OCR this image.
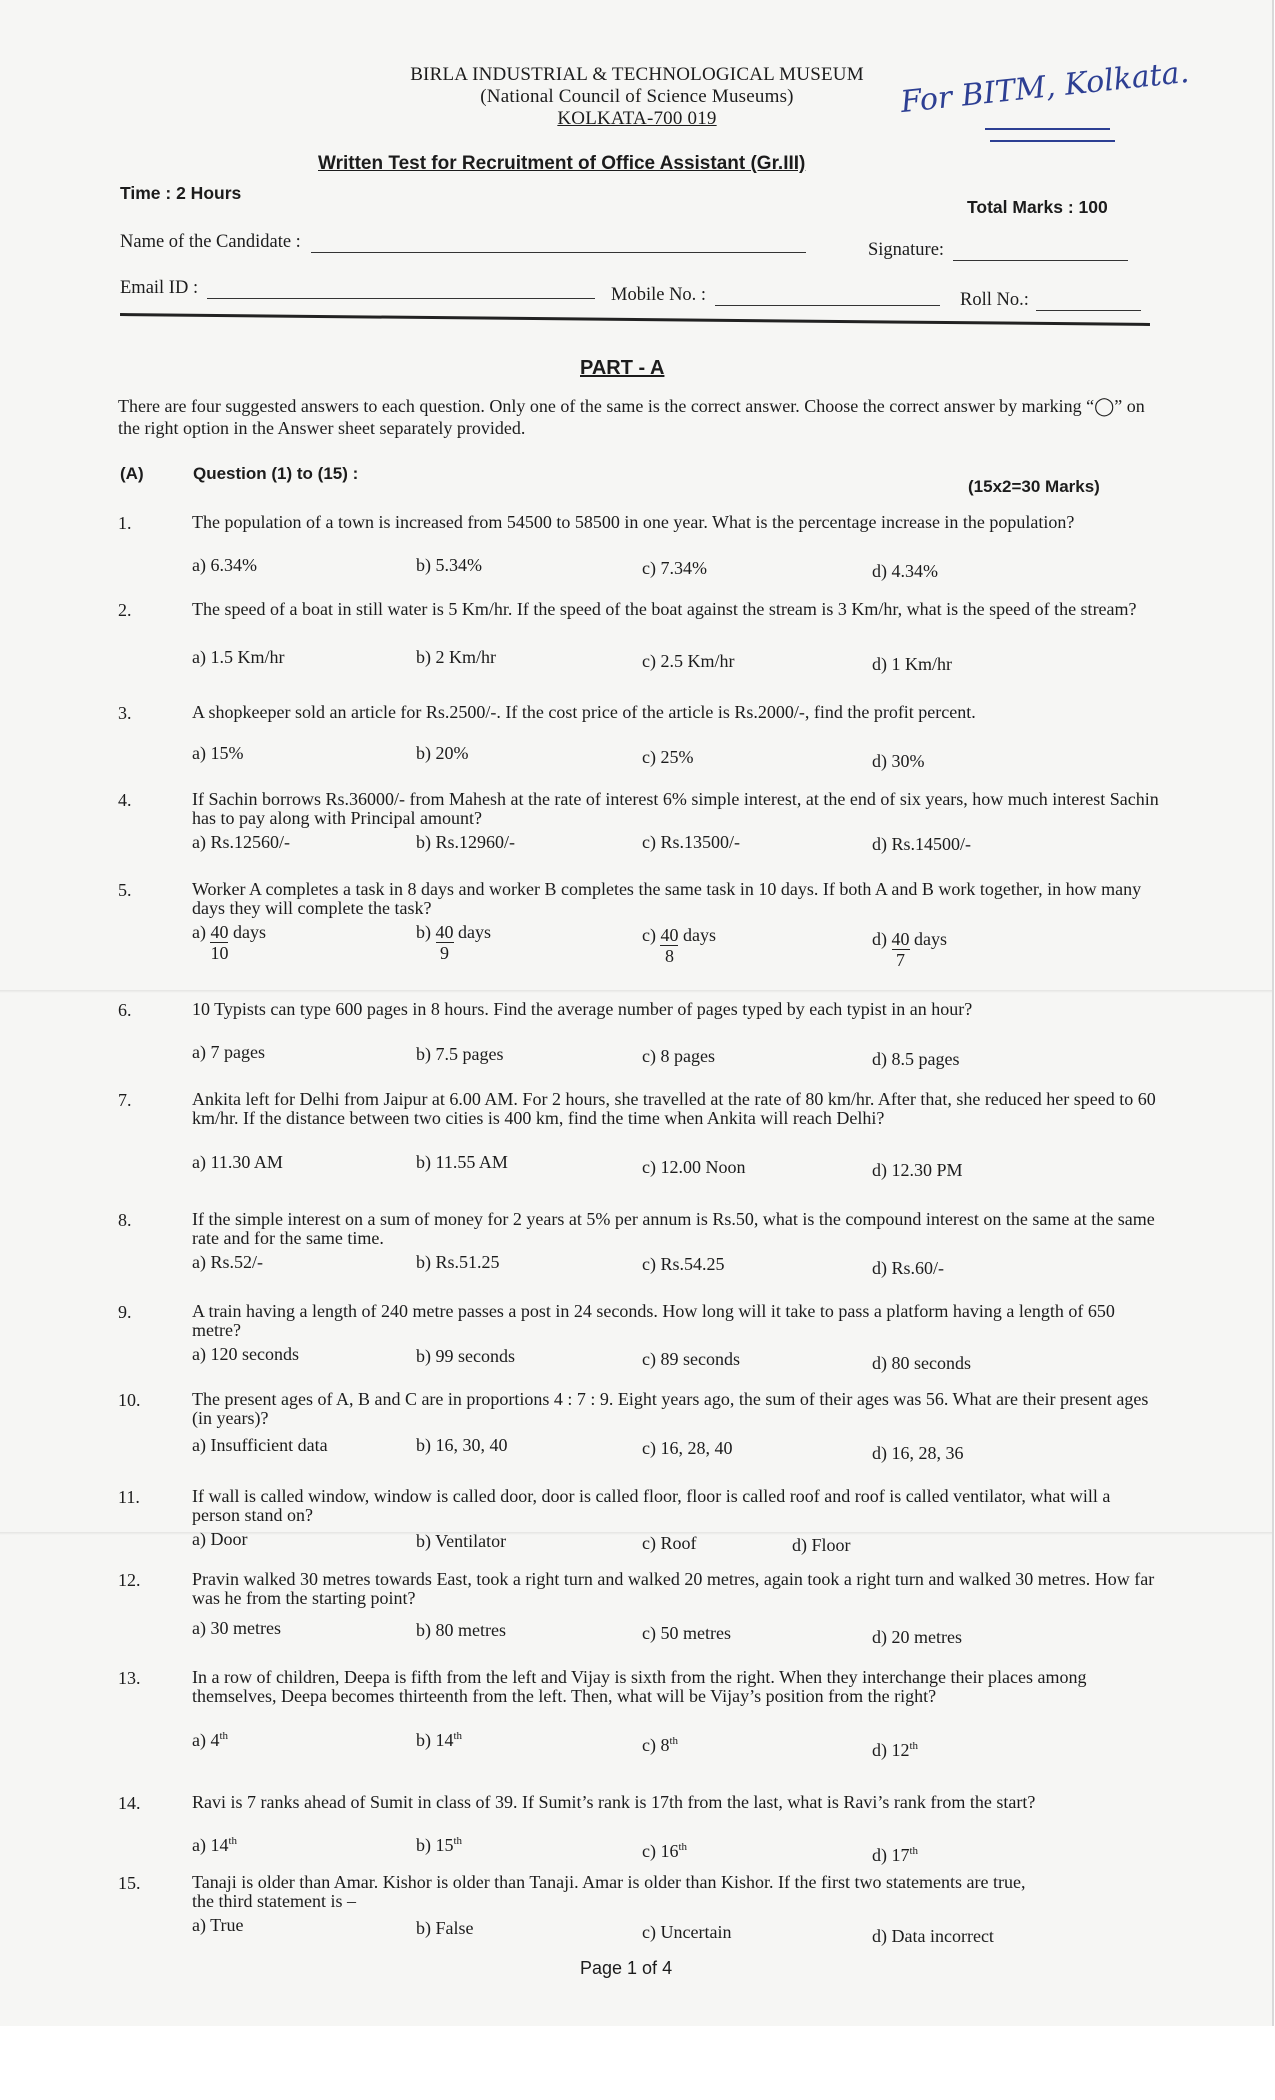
BIRLA INDUSTRIAL & TECHNOLOGICAL MUSEUM
(National Council of Science Museums)
KOLKATA-700 019	For BITM, Kolkata.
Written Test for Recruitment of Office Assistant (Gr.III)
Time : 2 Hours
Total Marks : 100
Name of the Candidate :	Signature:
Email ID :	Mobile No. :	Roll No.:
PART - A
There are four suggested answers to each question. Only one of the same is the correct answer. Choose the correct answer by marking “◯” on the right option in the Answer sheet separately provided.
(A)	Question (1) to (15) :
(15x2=30 Marks)
1.	The population of a town is increased from 54500 to 58500 in one year. What is the percentage increase in the population?
a) 6.34%	b) 5.34%	c) 7.34%	d) 4.34%
2.	The speed of a boat in still water is 5 Km/hr. If the speed of the boat against the stream is 3 Km/hr, what is the speed of the stream?
a) 1.5 Km/hr	b) 2 Km/hr	c) 2.5 Km/hr	d) 1 Km/hr
3.	A shopkeeper sold an article for Rs.2500/-. If the cost price of the article is Rs.2000/-, find the profit percent.
a) 15%	b) 20%	c) 25%	d) 30%
4.	If Sachin borrows Rs.36000/- from Mahesh at the rate of interest 6% simple interest, at the end of six years, how much interest Sachin has to pay along with Principal amount?
a) Rs.12560/-	b) Rs.12960/-	c) Rs.13500/-	d) Rs.14500/-
5.	Worker A completes a task in 8 days and worker B completes the same task in 10 days. If both A and B work together, in how many days they will complete the task?
$a) \frac{40}{10}$ days	$b) \frac{40}{9}$ days	$c) \frac{40}{8}$ days	$d) \frac{40}{7}$ days
6.	10 Typists can type 600 pages in 8 hours. Find the average number of pages typed by each typist in an hour?
a) 7 pages	b) 7.5 pages	c) 8 pages	d) 8.5 pages
7.	Ankita left for Delhi from Jaipur at 6.00 AM. For 2 hours, she travelled at the rate of 80 km/hr. After that, she reduced her speed to 60 km/hr. If the distance between two cities is 400 km, find the time when Ankita will reach Delhi?
a) 11.30 AM	b) 11.55 AM	c) 12.00 Noon	d) 12.30 PM
8.	If the simple interest on a sum of money for 2 years at 5% per annum is Rs.50, what is the compound interest on the same at the same rate and for the same time.
a) Rs.52/-	b) Rs.51.25	c) Rs.54.25	d) Rs.60/-
9.	A train having a length of 240 metre passes a post in 24 seconds. How long will it take to pass a platform having a length of 650 metre?
a) 120 seconds	b) 99 seconds	c) 89 seconds	d) 80 seconds
10.	The present ages of A, B and C are in proportions 4 : 7 : 9. Eight years ago, the sum of their ages was 56. What are their present ages (in years)?
a) Insufficient data	b) 16, 30, 40	c) 16, 28, 40	d) 16, 28, 36
11.	If wall is called window, window is called door, door is called floor, floor is called roof and roof is called ventilator, what will a person stand on?
a) Door	b) Ventilator	c) Roof	d) Floor
12.	Pravin walked 30 metres towards East, took a right turn and walked 20 metres, again took a right turn and walked 30 metres. How far was he from the starting point?
a) 30 metres	b) 80 metres	c) 50 metres	d) 20 metres
13.	In a row of children, Deepa is fifth from the left and Vijay is sixth from the right. When they interchange their places among themselves, Deepa becomes thirteenth from the left. Then, what will be Vijay’s position from the right?
a) 4th	b) 14th	c) 8th	d) 12th
14.	Ravi is 7 ranks ahead of Sumit in class of 39. If Sumit’s rank is 17th from the last, what is Ravi’s rank from the start?
a) 14th	b) 15th	c) 16th	d) 17th
15.	Tanaji is older than Amar. Kishor is older than Tanaji. Amar is older than Kishor. If the first two statements are true, the third statement is –
a) True	b) False	c) Uncertain	d) Data incorrect
Page 1 of 4
